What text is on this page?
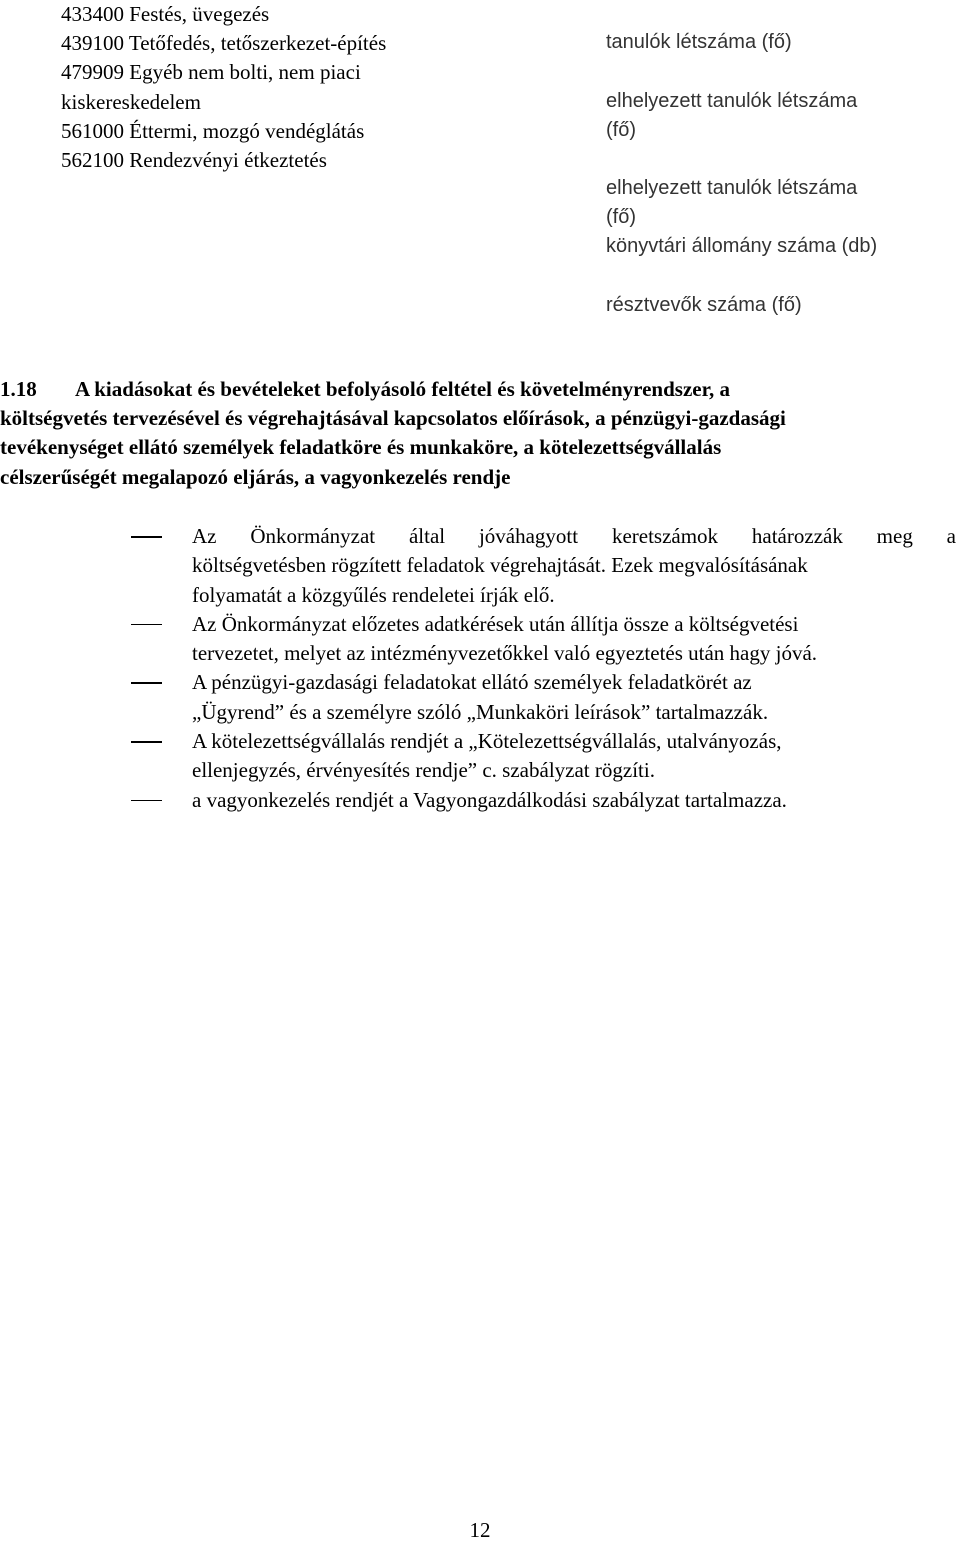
433400 Festés, üvegezés
439100 Tetőfedés, tetőszerkezet-építés
479909 Egyéb nem bolti, nem piaci
kiskereskedelem
561000 Éttermi, mozgó vendéglátás
562100 Rendezvényi étkeztetés
tanulók létszáma (fő)
elhelyezett tanulók létszáma
(fő)
elhelyezett tanulók létszáma
(fő)
könyvtári állomány száma (db)
résztvevők száma (fő)
1.18 A kiadásokat és bevételeket befolyásoló feltétel és követelményrendszer, a
költségvetés tervezésével és végrehajtásával kapcsolatos előírások, a pénzügyi-gazdasági
tevékenységet ellátó személyek feladatköre és munkaköre, a kötelezettségvállalás
célszerűségét megalapozó eljárás, a vagyonkezelés rendje
Az Önkormányzat által jóváhagyott keretszámok határozzák meg a
költségvetésben rögzített feladatok végrehajtását. Ezek megvalósításának
folyamatát a közgyűlés rendeletei írják elő.
Az Önkormányzat előzetes adatkérések után állítja össze a költségvetési
tervezetet, melyet az intézményvezetőkkel való egyeztetés után hagy jóvá.
A pénzügyi-gazdasági feladatokat ellátó személyek feladatkörét az
„Ügyrend” és a személyre szóló „Munkaköri leírások” tartalmazzák.
A kötelezettségvállalás rendjét a „Kötelezettségvállalás, utalványozás,
ellenjegyzés, érvényesítés rendje” c. szabályzat rögzíti.
a vagyonkezelés rendjét a Vagyongazdálkodási szabályzat tartalmazza.
12
